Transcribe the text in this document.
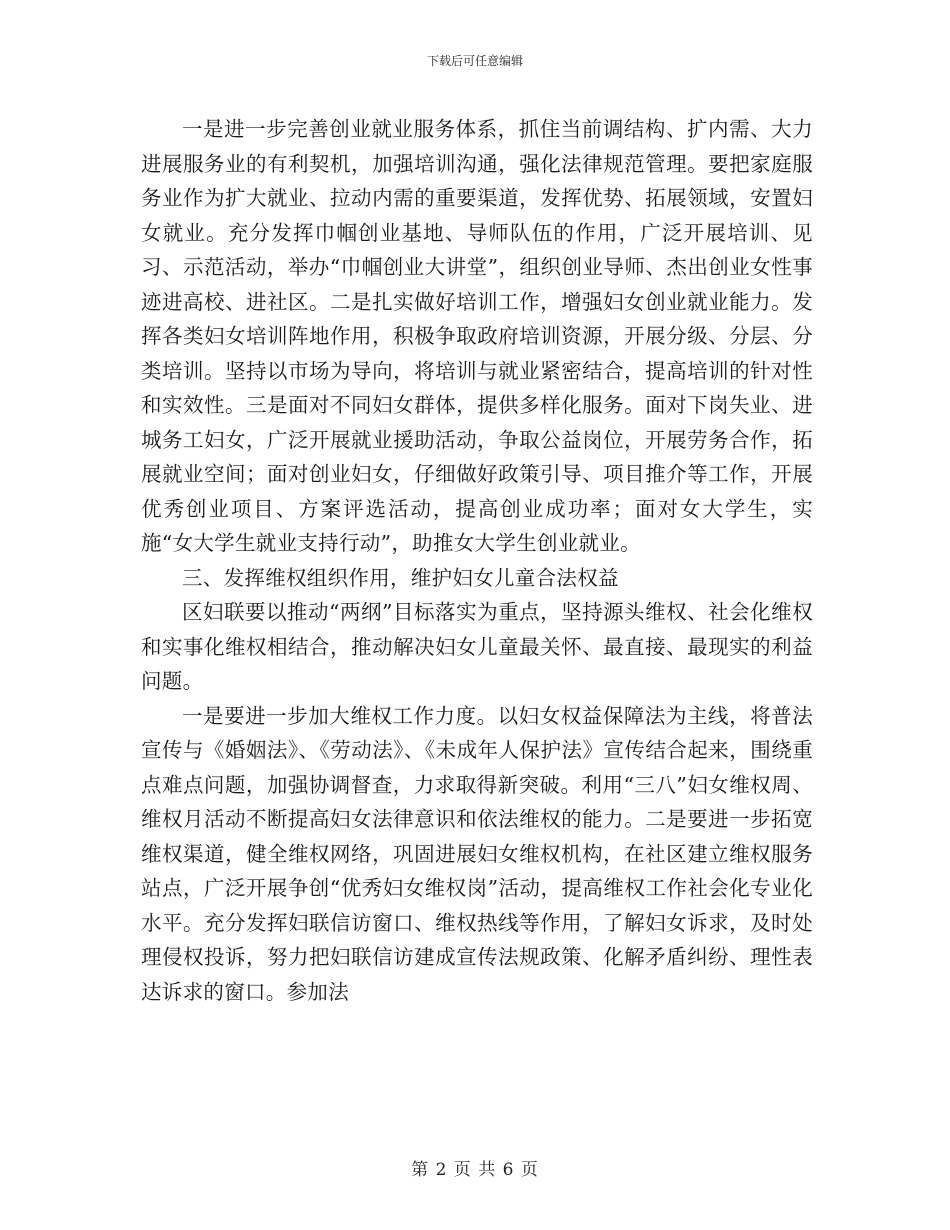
下载后可任意编辑

一是进一步完善创业就业服务体系，抓住当前调结构、扩内需、大力进展服务业的有利契机，加强培训沟通，强化法律规范管理。要把家庭服务业作为扩大就业、拉动内需的重要渠道，发挥优势、拓展领域，安置妇女就业。充分发挥巾帼创业基地、导师队伍的作用，广泛开展培训、见习、示范活动，举办“巾帼创业大讲堂”，组织创业导师、杰出创业女性事迹进高校、进社区。二是扎实做好培训工作，增强妇女创业就业能力。发挥各类妇女培训阵地作用，积极争取政府培训资源，开展分级、分层、分类培训。坚持以市场为导向，将培训与就业紧密结合，提高培训的针对性和实效性。三是面对不同妇女群体，提供多样化服务。面对下岗失业、进城务工妇女，广泛开展就业援助活动，争取公益岗位，开展劳务合作，拓展就业空间；面对创业妇女，仔细做好政策引导、项目推介等工作，开展优秀创业项目、方案评选活动，提高创业成功率；面对女大学生，实施“女大学生就业支持行动”，助推女大学生创业就业。

三、发挥维权组织作用，维护妇女儿童合法权益

区妇联要以推动“两纲”目标落实为重点，坚持源头维权、社会化维权和实事化维权相结合，推动解决妇女儿童最关怀、最直接、最现实的利益问题。

一是要进一步加大维权工作力度。以妇女权益保障法为主线，将普法宣传与《婚姻法》、《劳动法》、《未成年人保护法》宣传结合起来，围绕重点难点问题，加强协调督查，力求取得新突破。利用“三八”妇女维权周、维权月活动不断提高妇女法律意识和依法维权的能力。二是要进一步拓宽维权渠道，健全维权网络，巩固进展妇女维权机构，在社区建立维权服务站点，广泛开展争创“优秀妇女维权岗”活动，提高维权工作社会化专业化水平。充分发挥妇联信访窗口、维权热线等作用，了解妇女诉求，及时处理侵权投诉，努力把妇联信访建成宣传法规政策、化解矛盾纠纷、理性表达诉求的窗口。参加法

第 2 页 共 6 页
